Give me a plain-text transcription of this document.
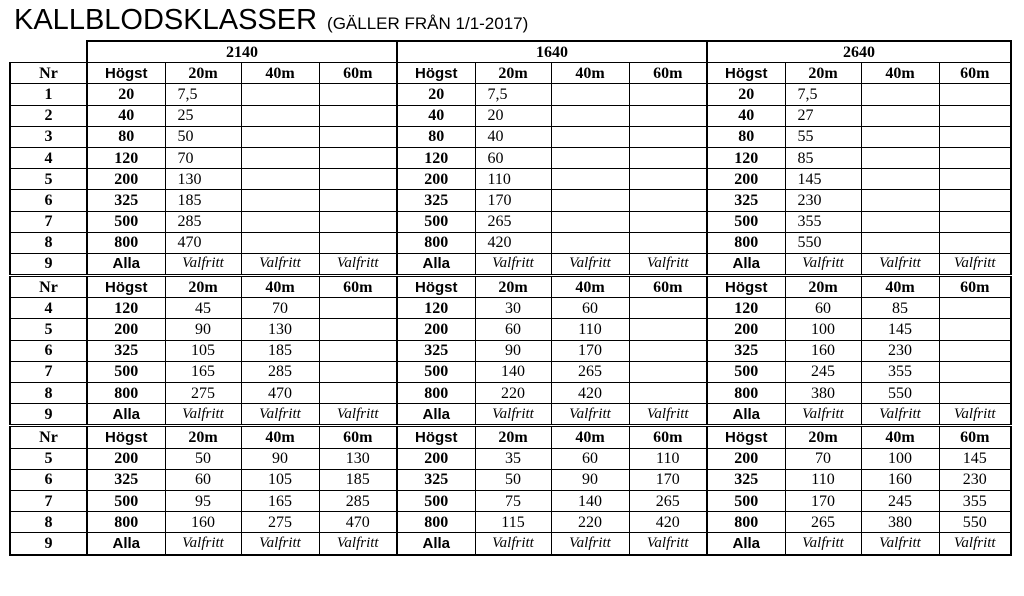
KALLBLODSKLASSER (GÄLLER FRÅN 1/1-2017)
	2140				1640				2640			
Nr	Högst	20m	40m	60m	Högst	20m	40m	60m	Högst	20m	40m	60m
1	20	7,5			20	7,5			20	7,5		
2	40	25			40	20			40	27		
3	80	50			80	40			80	55		
4	120	70			120	60			120	85		
5	200	130			200	110			200	145		
6	325	185			325	170			325	230		
7	500	285			500	265			500	355		
8	800	470			800	420			800	550		
9	Alla	Valfritt	Valfritt	Valfritt	Alla	Valfritt	Valfritt	Valfritt	Alla	Valfritt	Valfritt	Valfritt
Nr	Högst	20m	40m	60m	Högst	20m	40m	60m	Högst	20m	40m	60m
4	120	45	70		120	30	60		120	60	85	
5	200	90	130		200	60	110		200	100	145	
6	325	105	185		325	90	170		325	160	230	
7	500	165	285		500	140	265		500	245	355	
8	800	275	470		800	220	420		800	380	550	
9	Alla	Valfritt	Valfritt	Valfritt	Alla	Valfritt	Valfritt	Valfritt	Alla	Valfritt	Valfritt	Valfritt
Nr	Högst	20m	40m	60m	Högst	20m	40m	60m	Högst	20m	40m	60m
5	200	50	90	130	200	35	60	110	200	70	100	145
6	325	60	105	185	325	50	90	170	325	110	160	230
7	500	95	165	285	500	75	140	265	500	170	245	355
8	800	160	275	470	800	115	220	420	800	265	380	550
9	Alla	Valfritt	Valfritt	Valfritt	Alla	Valfritt	Valfritt	Valfritt	Alla	Valfritt	Valfritt	Valfritt
